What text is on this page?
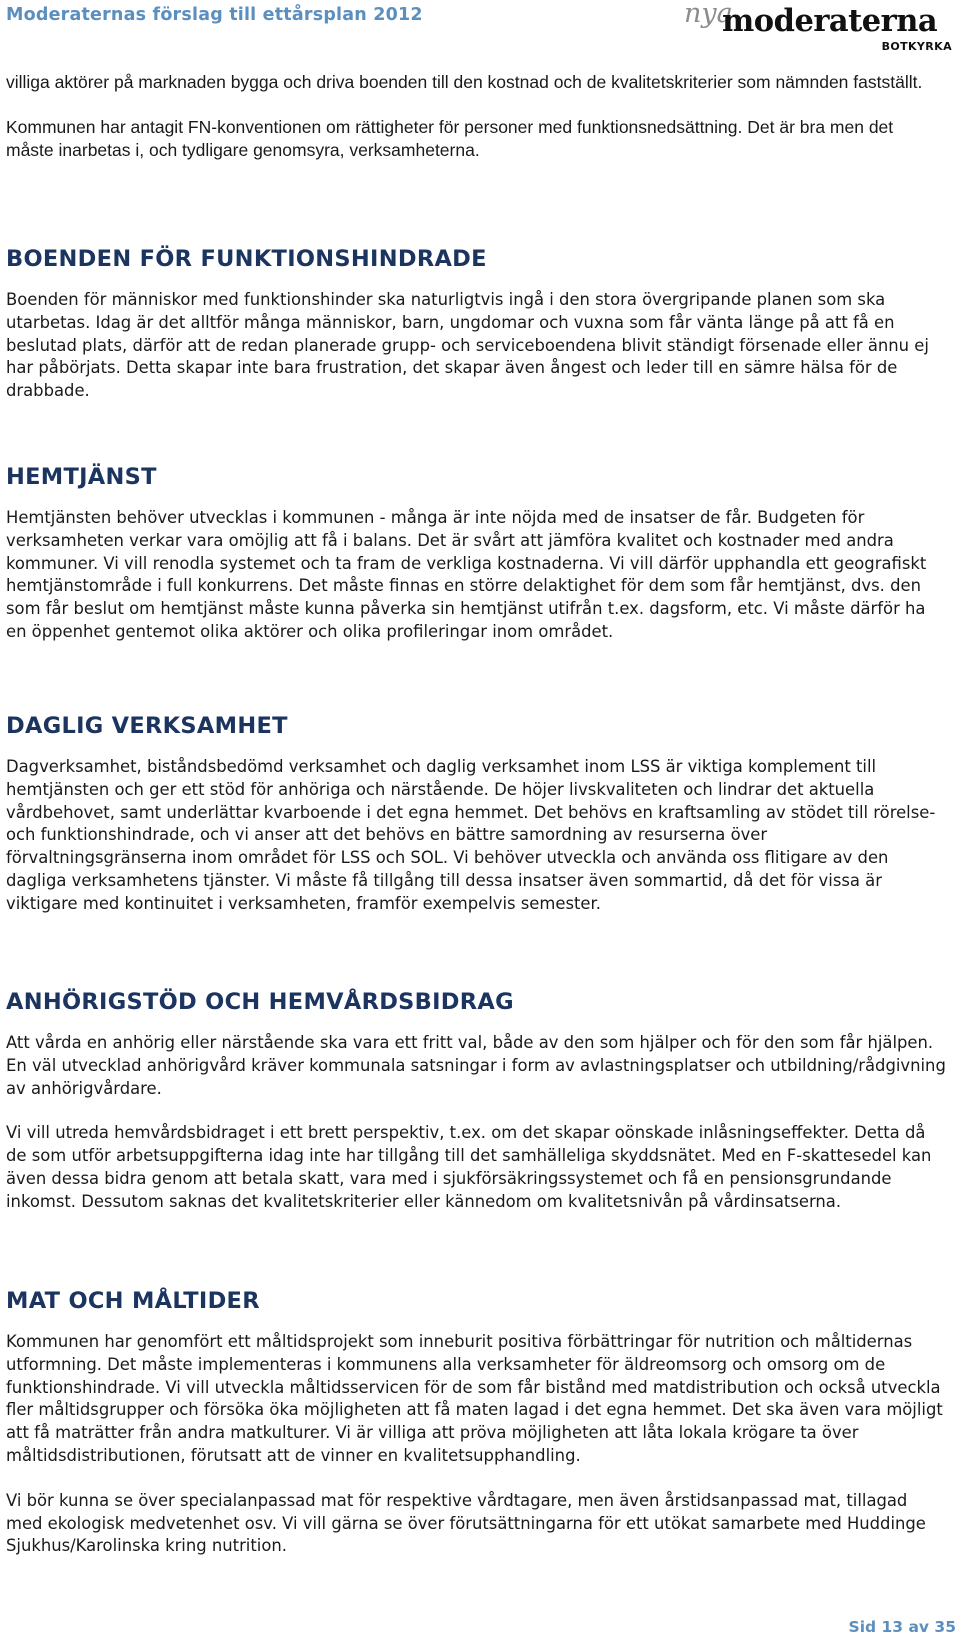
Moderaternas förslag till ettårsplan 2012	nya
moderaterna
BOTKYRKA

villiga aktörer på marknaden bygga och driva boenden till den kostnad och de kvalitetskriterier som nämnden fastställt.

Kommunen har antagit FN-konventionen om rättigheter för personer med funktionsnedsättning. Det är bra men det måste inarbetas i, och tydligare genomsyra, verksamheterna.

BOENDEN FÖR FUNKTIONSHINDRADE

Boenden för människor med funktionshinder ska naturligtvis ingå i den stora övergripande planen som ska utarbetas. Idag är det alltför många människor, barn, ungdomar och vuxna som får vänta länge på att få en beslutad plats, därför att de redan planerade grupp- och serviceboendena blivit ständigt försenade eller ännu ej har påbörjats. Detta skapar inte bara frustration, det skapar även ångest och leder till en sämre hälsa för de drabbade.

HEMTJÄNST

Hemtjänsten behöver utvecklas i kommunen - många är inte nöjda med de insatser de får. Budgeten för verksamheten verkar vara omöjlig att få i balans. Det är svårt att jämföra kvalitet och kostnader med andra kommuner. Vi vill renodla systemet och ta fram de verkliga kostnaderna. Vi vill därför upphandla ett geografiskt hemtjänstområde i full konkurrens. Det måste finnas en större delaktighet för dem som får hemtjänst, dvs. den som får beslut om hemtjänst måste kunna påverka sin hemtjänst utifrån t.ex. dagsform, etc. Vi måste därför ha en öppenhet gentemot olika aktörer och olika profileringar inom området.

DAGLIG VERKSAMHET

Dagverksamhet, biståndsbedömd verksamhet och daglig verksamhet inom LSS är viktiga komplement till hemtjänsten och ger ett stöd för anhöriga och närstående. De höjer livskvaliteten och lindrar det aktuella vårdbehovet, samt underlättar kvarboende i det egna hemmet. Det behövs en kraftsamling av stödet till rörelse- och funktionshindrade, och vi anser att det behövs en bättre samordning av resurserna över förvaltningsgränserna inom området för LSS och SOL. Vi behöver utveckla och använda oss flitigare av den dagliga verksamhetens tjänster. Vi måste få tillgång till dessa insatser även sommartid, då det för vissa är viktigare med kontinuitet i verksamheten, framför exempelvis semester.

ANHÖRIGSTÖD OCH HEMVÅRDSBIDRAG

Att vårda en anhörig eller närstående ska vara ett fritt val, både av den som hjälper och för den som får hjälpen. En väl utvecklad anhörigvård kräver kommunala satsningar i form av avlastningsplatser och utbildning/rådgivning av anhörigvårdare.

Vi vill utreda hemvårdsbidraget i ett brett perspektiv, t.ex. om det skapar oönskade inlåsningseffekter. Detta då de som utför arbetsuppgifterna idag inte har tillgång till det samhälleliga skyddsnätet. Med en F-skattesedel kan även dessa bidra genom att betala skatt, vara med i sjukförsäkringssystemet och få en pensionsgrundande inkomst. Dessutom saknas det kvalitetskriterier eller kännedom om kvalitetsnivån på vårdinsatserna.

MAT OCH MÅLTIDER

Kommunen har genomfört ett måltidsprojekt som inneburit positiva förbättringar för nutrition och måltidernas utformning. Det måste implementeras i kommunens alla verksamheter för äldreomsorg och omsorg om de funktionshindrade. Vi vill utveckla måltidsservicen för de som får bistånd med matdistribution och också utveckla fler måltidsgrupper och försöka öka möjligheten att få maten lagad i det egna hemmet. Det ska även vara möjligt att få maträtter från andra matkulturer. Vi är villiga att pröva möjligheten att låta lokala krögare ta över måltidsdistributionen, förutsatt att de vinner en kvalitetsupphandling.

Vi bör kunna se över specialanpassad mat för respektive vårdtagare, men även årstidsanpassad mat, tillagad med ekologisk medvetenhet osv. Vi vill gärna se över förutsättningarna för ett utökat samarbete med Huddinge Sjukhus/Karolinska kring nutrition.

Sid 13 av 35
